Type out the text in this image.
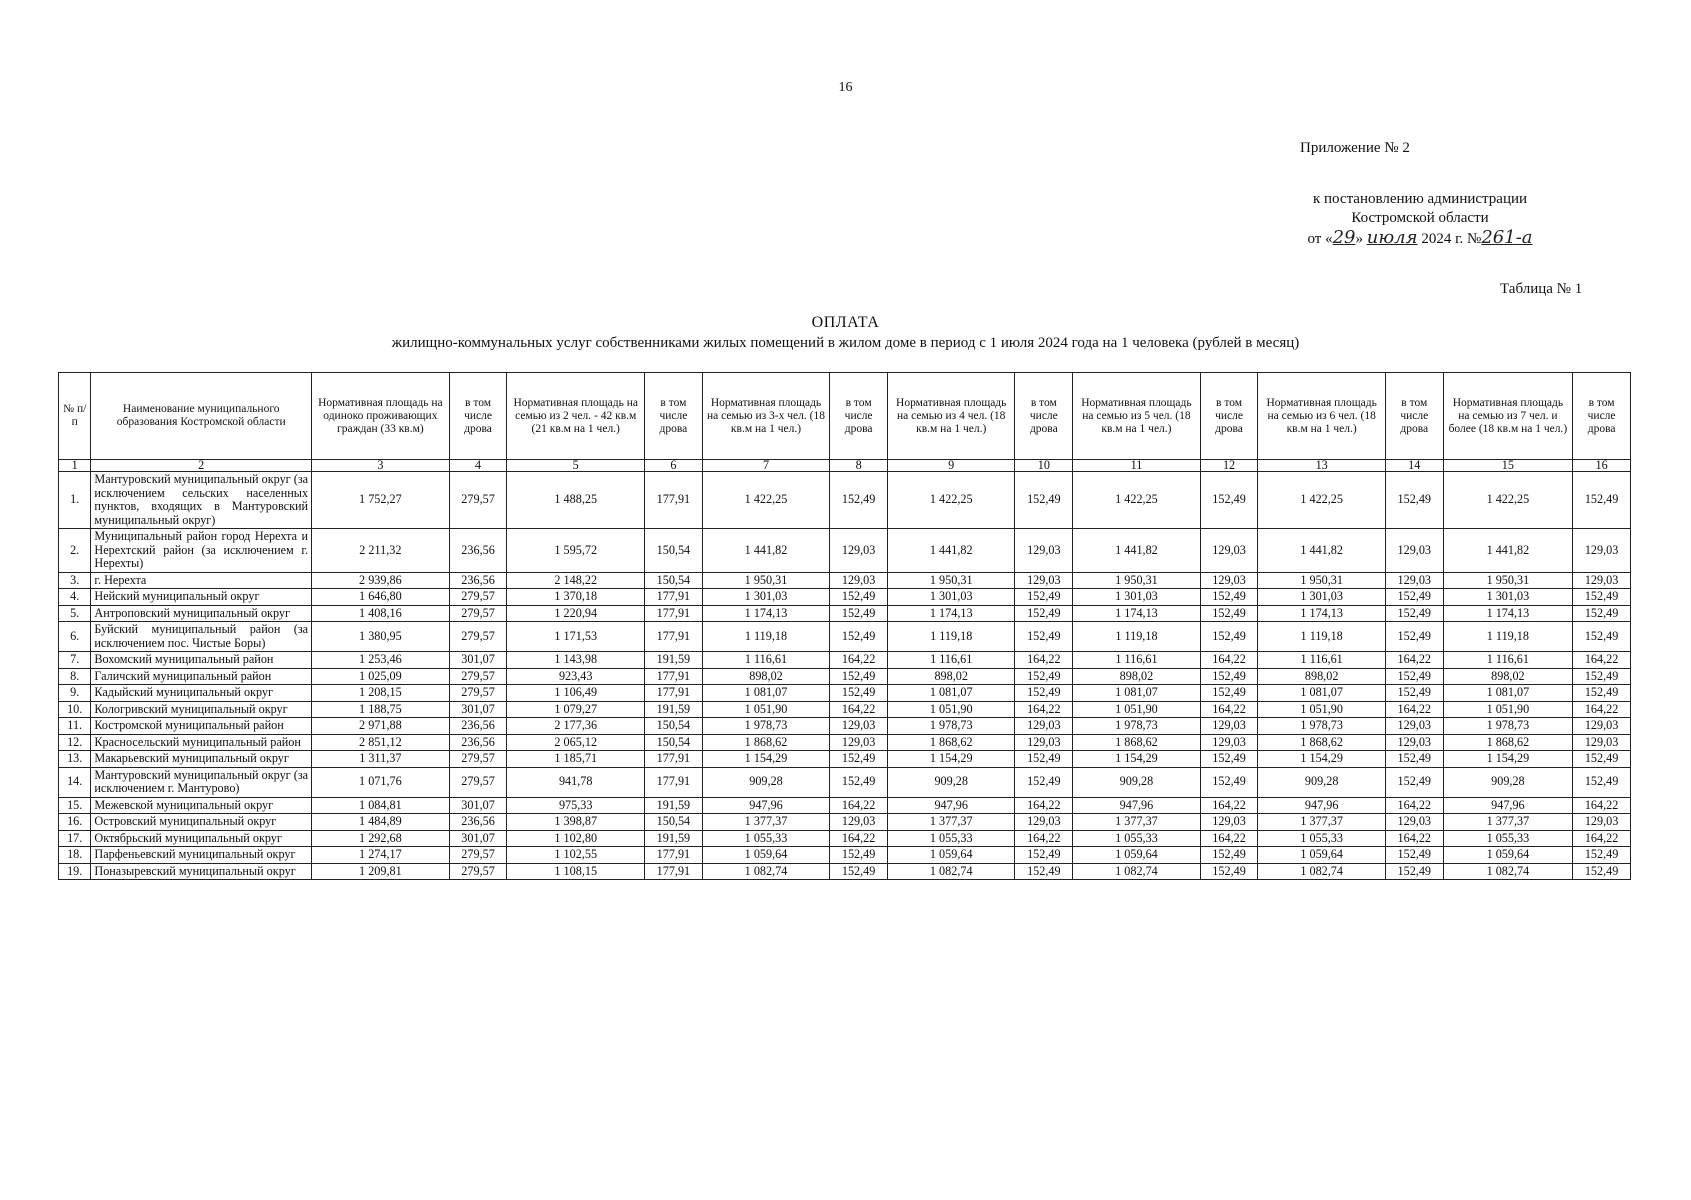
16
Приложение № 2
к постановлению администрации
Костромской области
от «29» июля 2024 г. №261-а
Таблица № 1
ОПЛАТА
жилищно-коммунальных услуг собственниками жилых помещений в жилом доме в период с 1 июля 2024 года на 1 человека (рублей в месяц)
№ п/п	Наименование муниципального образования Костромской области	Нормативная площадь на одиноко проживающих граждан (33 кв.м)	в том числе дрова	Нормативная площадь на семью из 2 чел. - 42 кв.м (21 кв.м на 1 чел.)	в том числе дрова	Нормативная площадь на семью из 3-х чел. (18 кв.м на 1 чел.)	в том числе дрова	Нормативная площадь на семью из 4 чел. (18 кв.м на 1 чел.)	в том числе дрова	Нормативная площадь на семью из 5 чел. (18 кв.м на 1 чел.)	в том числе дрова	Нормативная площадь на семью из 6 чел. (18 кв.м на 1 чел.)	в том числе дрова	Нормативная площадь на семью из 7 чел. и более (18 кв.м на 1 чел.)	в том числе дрова
1	2	3	4	5	6	7	8	9	10	11	12	13	14	15	16
1.	Мантуровский муниципальный округ (за исключением сельских населенных пунктов, входящих в Мантуровский муниципальный округ)	1 752,27	279,57	1 488,25	177,91	1 422,25	152,49	1 422,25	152,49	1 422,25	152,49	1 422,25	152,49	1 422,25	152,49
2.	Муниципальный район город Нерехта и Нерехтский район (за исключением г. Нерехты)	2 211,32	236,56	1 595,72	150,54	1 441,82	129,03	1 441,82	129,03	1 441,82	129,03	1 441,82	129,03	1 441,82	129,03
3.	г. Нерехта	2 939,86	236,56	2 148,22	150,54	1 950,31	129,03	1 950,31	129,03	1 950,31	129,03	1 950,31	129,03	1 950,31	129,03
4.	Нейский муниципальный округ	1 646,80	279,57	1 370,18	177,91	1 301,03	152,49	1 301,03	152,49	1 301,03	152,49	1 301,03	152,49	1 301,03	152,49
5.	Антроповский муниципальный округ	1 408,16	279,57	1 220,94	177,91	1 174,13	152,49	1 174,13	152,49	1 174,13	152,49	1 174,13	152,49	1 174,13	152,49
6.	Буйский муниципальный район (за исключением пос. Чистые Боры)	1 380,95	279,57	1 171,53	177,91	1 119,18	152,49	1 119,18	152,49	1 119,18	152,49	1 119,18	152,49	1 119,18	152,49
7.	Вохомский муниципальный район	1 253,46	301,07	1 143,98	191,59	1 116,61	164,22	1 116,61	164,22	1 116,61	164,22	1 116,61	164,22	1 116,61	164,22
8.	Галичский муниципальный район	1 025,09	279,57	923,43	177,91	898,02	152,49	898,02	152,49	898,02	152,49	898,02	152,49	898,02	152,49
9.	Кадыйский муниципальный округ	1 208,15	279,57	1 106,49	177,91	1 081,07	152,49	1 081,07	152,49	1 081,07	152,49	1 081,07	152,49	1 081,07	152,49
10.	Кологривский муниципальный округ	1 188,75	301,07	1 079,27	191,59	1 051,90	164,22	1 051,90	164,22	1 051,90	164,22	1 051,90	164,22	1 051,90	164,22
11.	Костромской муниципальный район	2 971,88	236,56	2 177,36	150,54	1 978,73	129,03	1 978,73	129,03	1 978,73	129,03	1 978,73	129,03	1 978,73	129,03
12.	Красносельский муниципальный район	2 851,12	236,56	2 065,12	150,54	1 868,62	129,03	1 868,62	129,03	1 868,62	129,03	1 868,62	129,03	1 868,62	129,03
13.	Макарьевский муниципальный округ	1 311,37	279,57	1 185,71	177,91	1 154,29	152,49	1 154,29	152,49	1 154,29	152,49	1 154,29	152,49	1 154,29	152,49
14.	Мантуровский муниципальный округ (за исключением г. Мантурово)	1 071,76	279,57	941,78	177,91	909,28	152,49	909,28	152,49	909,28	152,49	909,28	152,49	909,28	152,49
15.	Межевской муниципальный округ	1 084,81	301,07	975,33	191,59	947,96	164,22	947,96	164,22	947,96	164,22	947,96	164,22	947,96	164,22
16.	Островский муниципальный округ	1 484,89	236,56	1 398,87	150,54	1 377,37	129,03	1 377,37	129,03	1 377,37	129,03	1 377,37	129,03	1 377,37	129,03
17.	Октябрьский муниципальный округ	1 292,68	301,07	1 102,80	191,59	1 055,33	164,22	1 055,33	164,22	1 055,33	164,22	1 055,33	164,22	1 055,33	164,22
18.	Парфеньевский муниципальный округ	1 274,17	279,57	1 102,55	177,91	1 059,64	152,49	1 059,64	152,49	1 059,64	152,49	1 059,64	152,49	1 059,64	152,49
19.	Поназыревский муниципальный округ	1 209,81	279,57	1 108,15	177,91	1 082,74	152,49	1 082,74	152,49	1 082,74	152,49	1 082,74	152,49	1 082,74	152,49
